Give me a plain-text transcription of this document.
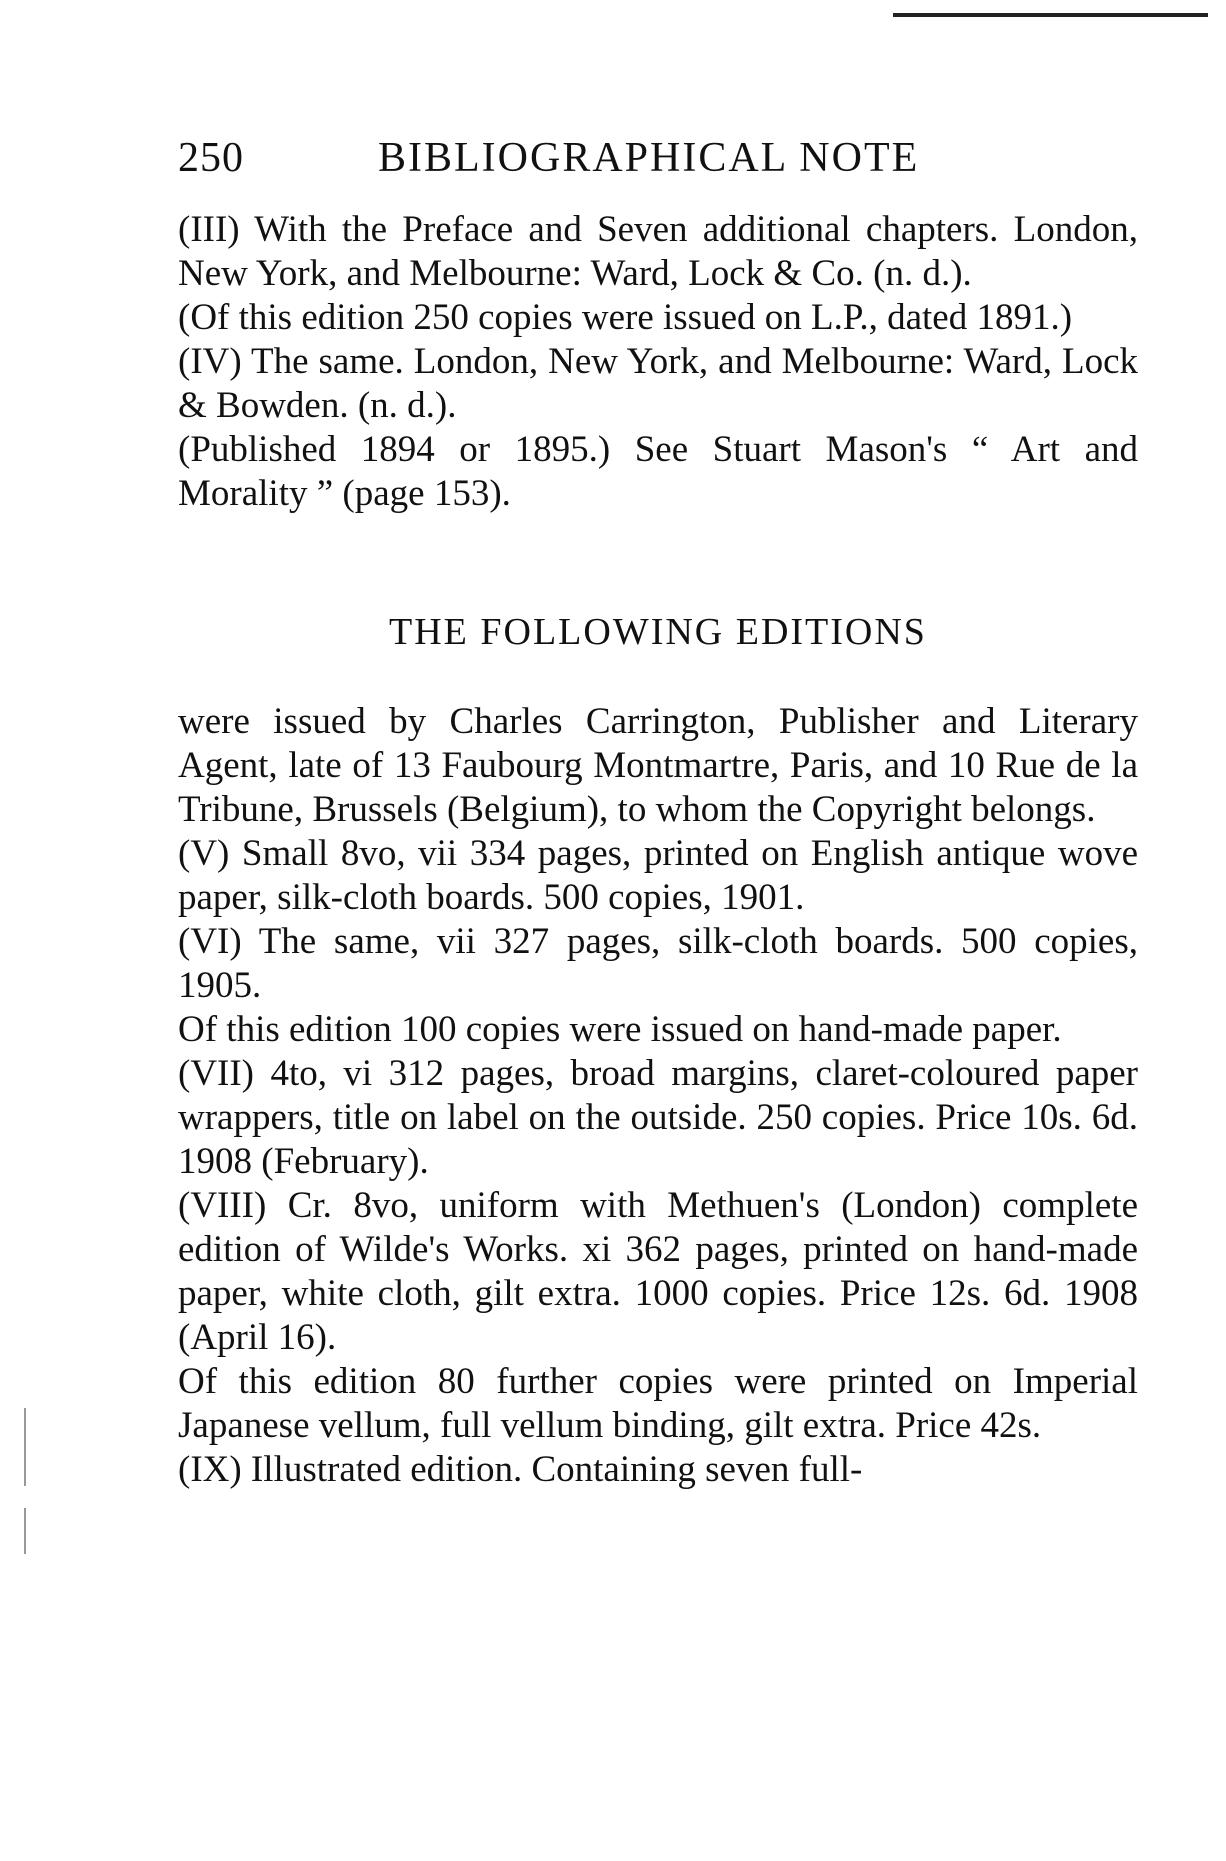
250	BIBLIOGRAPHICAL NOTE

(III) With the Preface and Seven additional chapters. London, New York, and Melbourne: Ward, Lock & Co. (n. d.).

(Of this edition 250 copies were issued on L.P., dated 1891.)

(IV) The same. London, New York, and Melbourne: Ward, Lock & Bowden. (n. d.).

(Published 1894 or 1895.) See Stuart Mason's “ Art and Morality ” (page 153).

THE FOLLOWING EDITIONS

were issued by Charles Carrington, Publisher and Literary Agent, late of 13 Faubourg Montmartre, Paris, and 10 Rue de la Tribune, Brussels (Belgium), to whom the Copyright belongs.

(V) Small 8vo, vii 334 pages, printed on English antique wove paper, silk-cloth boards. 500 copies, 1901.

(VI) The same, vii 327 pages, silk-cloth boards. 500 copies, 1905.

Of this edition 100 copies were issued on hand-made paper.

(VII) 4to, vi 312 pages, broad margins, claret-coloured paper wrappers, title on label on the outside. 250 copies. Price 10s. 6d. 1908 (February).

(VIII) Cr. 8vo, uniform with Methuen's (London) complete edition of Wilde's Works. xi 362 pages, printed on hand-made paper, white cloth, gilt extra. 1000 copies. Price 12s. 6d. 1908 (April 16).

Of this edition 80 further copies were printed on Imperial Japanese vellum, full vellum binding, gilt extra. Price 42s.

(IX) Illustrated edition. Containing seven full-
